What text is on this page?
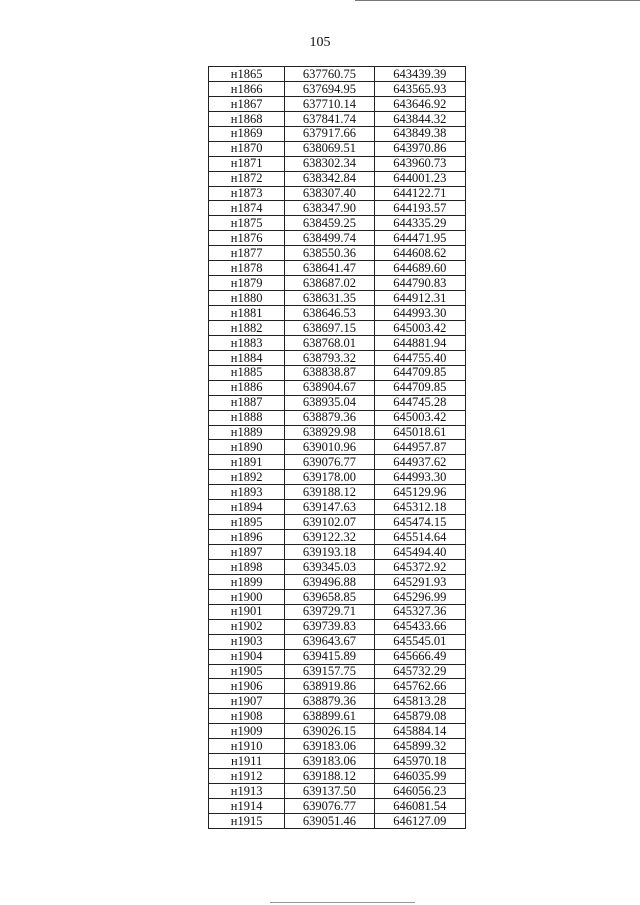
105
н1865	637760.75	643439.39
н1866	637694.95	643565.93
н1867	637710.14	643646.92
н1868	637841.74	643844.32
н1869	637917.66	643849.38
н1870	638069.51	643970.86
н1871	638302.34	643960.73
н1872	638342.84	644001.23
н1873	638307.40	644122.71
н1874	638347.90	644193.57
н1875	638459.25	644335.29
н1876	638499.74	644471.95
н1877	638550.36	644608.62
н1878	638641.47	644689.60
н1879	638687.02	644790.83
н1880	638631.35	644912.31
н1881	638646.53	644993.30
н1882	638697.15	645003.42
н1883	638768.01	644881.94
н1884	638793.32	644755.40
н1885	638838.87	644709.85
н1886	638904.67	644709.85
н1887	638935.04	644745.28
н1888	638879.36	645003.42
н1889	638929.98	645018.61
н1890	639010.96	644957.87
н1891	639076.77	644937.62
н1892	639178.00	644993.30
н1893	639188.12	645129.96
н1894	639147.63	645312.18
н1895	639102.07	645474.15
н1896	639122.32	645514.64
н1897	639193.18	645494.40
н1898	639345.03	645372.92
н1899	639496.88	645291.93
н1900	639658.85	645296.99
н1901	639729.71	645327.36
н1902	639739.83	645433.66
н1903	639643.67	645545.01
н1904	639415.89	645666.49
н1905	639157.75	645732.29
н1906	638919.86	645762.66
н1907	638879.36	645813.28
н1908	638899.61	645879.08
н1909	639026.15	645884.14
н1910	639183.06	645899.32
н1911	639183.06	645970.18
н1912	639188.12	646035.99
н1913	639137.50	646056.23
н1914	639076.77	646081.54
н1915	639051.46	646127.09
